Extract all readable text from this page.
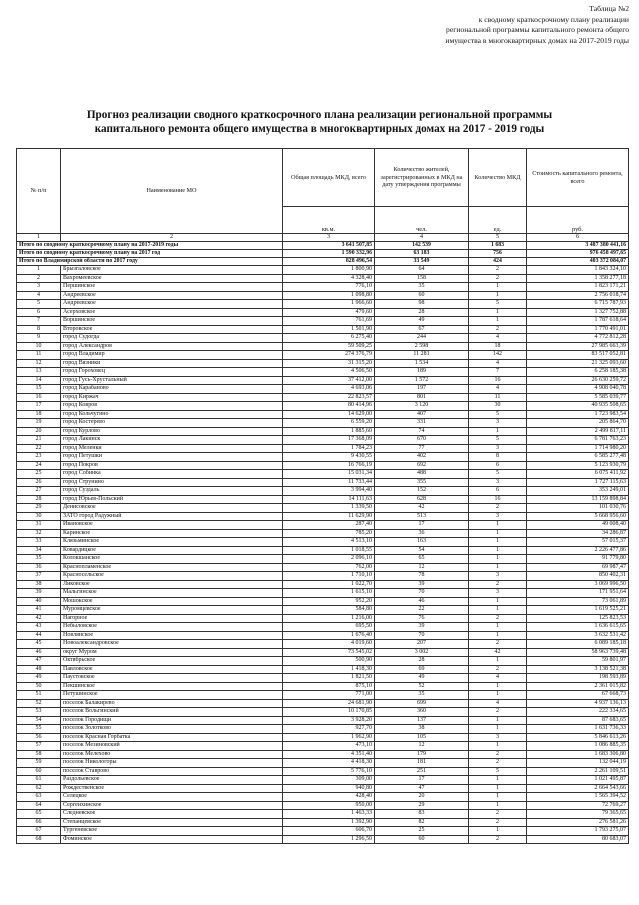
Таблица №2
к сводному краткосрочному плану реализации
региональной программы капитального ремонта общего
имущества в многоквартирных домах на 2017-2019 годы
Прогноз реализации сводного краткосрочного плана реализации региональной программы
капитального ремонта общего имущества в многоквартирных домах на 2017 - 2019 годы
№ п/п	Наименование МО	Общая площадь МКД, всего	Количество жителей, зарегистрированных в МКД на дату утверждения программы	Количество МКД	Стоимость капитального ремонта, всего
		кв.м.	чел.	ед.	руб.
1	2	3	4	5	6
Итого по сводному краткосрочному плану на 2017-2019 годы		3 641 507,85	142 539	1 683	3 487 380 441,16
Итого по сводному краткосрочному плану на 2017 год		1 590 332,96	63 183	756	976 458 497,65
Итого по Владимирской области по 2017 году		828 496,54	33 549	424	403 372 084,07
1	Брызгаловское	1 800,90	64	2	1 843 324,10
2	Вахромеевское	4 328,40	158	2	1 358 277,18
3	Першинское	776,10	35	1	1 823 171,21
4	Андреевское	1 098,80	60	1	2 756 018,74
5	Андреевское	1 966,60	98	5	6 715 787,93
6	Асерховское	479,60	28	1	1 327 752,88
7	Воршинское	761,69	49	1	1 787 618,64
8	Второвское	1 501,90	67	2	1 770 491,01
9	город Судогда	6 275,40	244	4	4 772 812,28
10	город Александров	59 509,25	2 598	18	27 985 663,39
11	город Владимир	274 376,79	11 281	142	83 517 052,81
12	город Вязники	31 315,20	1 534	4	21 325 093,60
13	город Гороховец	4 506,50	189	7	6 258 185,38
14	город Гусь-Хрустальный	37 412,00	1 572	16	26 630 259,72
15	город Карабаново	4 693,06	197	4	4 908 040,78
16	город Киржач	22 823,57	801	11	5 585 039,77
17	город Ковров	80 414,96	3 120	30	40 935 508,65
18	город Кольчугино	14 629,00	407	5	1 723 983,54
19	город Костерево	6 559,20	331	3	205 864,70
20	город Курлово	1 885,60	74	1	2 499 817,11
21	город Лакинск	17 368,09	670	5	6 781 763,23
22	город Меленки	1 784,23	77	3	1 714 980,20
23	город Петушки	9 430,55	402	8	6 585 277,48
24	город Покров	16 766,19	692	6	5 123 930,79
25	город Собинка	15 031,34	488	5	6 075 411,92
26	город Струнино	11 733,44	355	3	1 727 115,63
27	город Суздаль	3 994,40	152	6	353 249,01
28	город Юрьев-Польский	14 111,63	628	16	13 159 898,84
29	Денисовское	1 339,50	42	2	101 030,76
30	ЗАТО город Радужный	11 629,90	513	3	5 668 956,60
31	Ивановское	287,40	17	1	49 008,40
32	Каринское	785,20	36	1	34 286,87
33	Клязьминское	4 513,10	163	1	57 015,37
34	Ковардицкое	1 018,55	54	1	2 226 477,86
35	Колокшанское	2 096,10	65	1	91 779,80
36	Краснопламенское	762,00	12	1	69 987,47
37	Красносельское	1 710,10	78	3	850 402,31
38	Ликовское	1 022,70	39	2	3 069 996,50
39	Мальгинское	1 615,10	70	3	171 951,64
40	Мошокское	952,20	46	1	73 061,89
41	Муромцевское	584,80	22	1	1 619 525,21
42	Нагорное	1 216,00	76	2	125 823,53
43	Небыловское	695,50	39	1	1 636 615,65
44	Новлянское	1 676,40	70	1	3 632 531,42
45	Новоалександровское	4 019,60	207	2	6 089 185,18
46	округ Муром	73 545,02	3 002	42	58 963 739,48
47	Октябрьское	500,90	28	1	59 801,97
48	Павловское	1 418,30	69	2	3 138 521,38
49	Паустовское	1 821,50	49	4	198 593,89
50	Пекшинское	875,10	52	1	2 361 015,82
51	Петушинское	771,00	35	1	67 668,73
52	поселок Балакирево	24 681,90	699	4	4 937 136,13
53	поселок Вольгинский	10 170,85	360	2	222 334,65
54	поселок Городищи	3 928,20	137	1	87 683,65
55	поселок Золотково	927,70	38	1	1 631 736,33
56	поселок Красная Горбатка	1 962,90	105	3	5 846 613,26
57	поселок Мезиновский	473,10	12	1	1 086 885,35
58	поселок Мелехово	4 351,40	179	2	1 683 306,80
59	поселок Никологоры	4 418,30	181	2	132 044,19
60	поселок Ставрово	5 776,10	251	5	2 261 109,51
61	Раздольевское	309,00	17	1	1 021 495,87
62	Рождественское	940,80	47	1	2 664 543,66
63	Селецкое	428,40	20	1	1 565 394,52
64	Сергеихинское	950,00	29	1	72 769,27
65	Следневское	1 463,33	83	2	79 365,65
66	Степанцевское	1 392,90	82	2	276 581,26
67	Тургеневское	606,70	25	1	1 793 275,07
68	Фоминское	1 296,50	60	2	80 683,07
